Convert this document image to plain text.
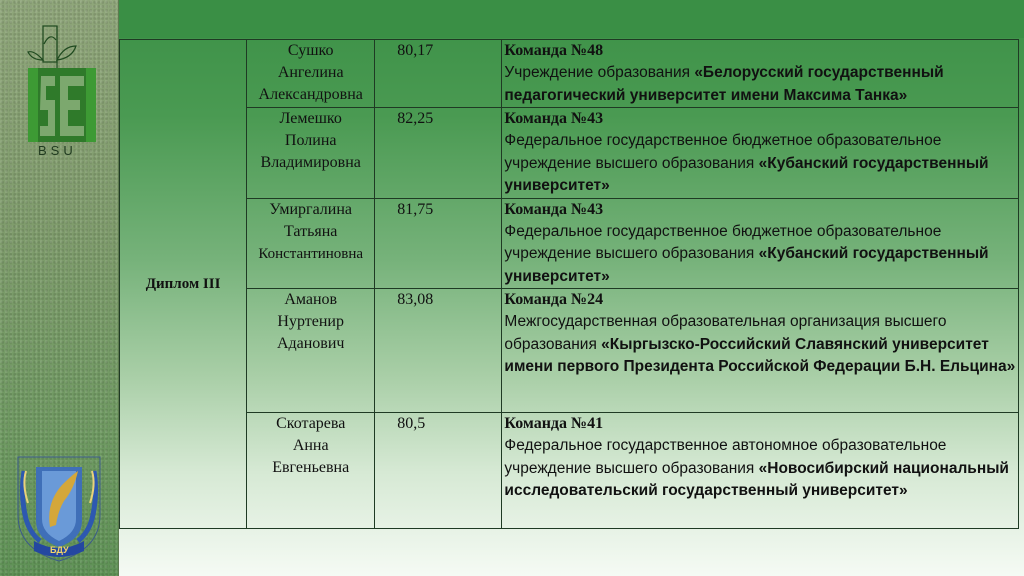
BSU
БДУ
Диплом III	
Сушко
Ангелина
Александровна
	80,17	Команда №48
Учреждение образования «Белорусский государственный педагогический университет имени Максима Танка»

Лемешко
Полина
Владимировна
	82,25	Команда №43
Федеральное государственное бюджетное образовательное учреждение высшего образования «Кубанский государственный университет»

Умиргалина
Татьяна
Константиновна
	81,75	Команда №43
Федеральное государственное бюджетное образовательное учреждение высшего образования «Кубанский государственный университет»

Аманов
Нуртенир
Аданович
	83,08	Команда №24
Межгосударственная образовательная организация высшего образования «Кыргызско-Российский Славянский университет имени первого Президента Российской Федерации Б.Н. Ельцина»

Скотарева
Анна
Евгеньевна
	80,5	Команда №41
Федеральное государственное автономное образовательное учреждение высшего образования «Новосибирский национальный исследовательский государственный университет»
